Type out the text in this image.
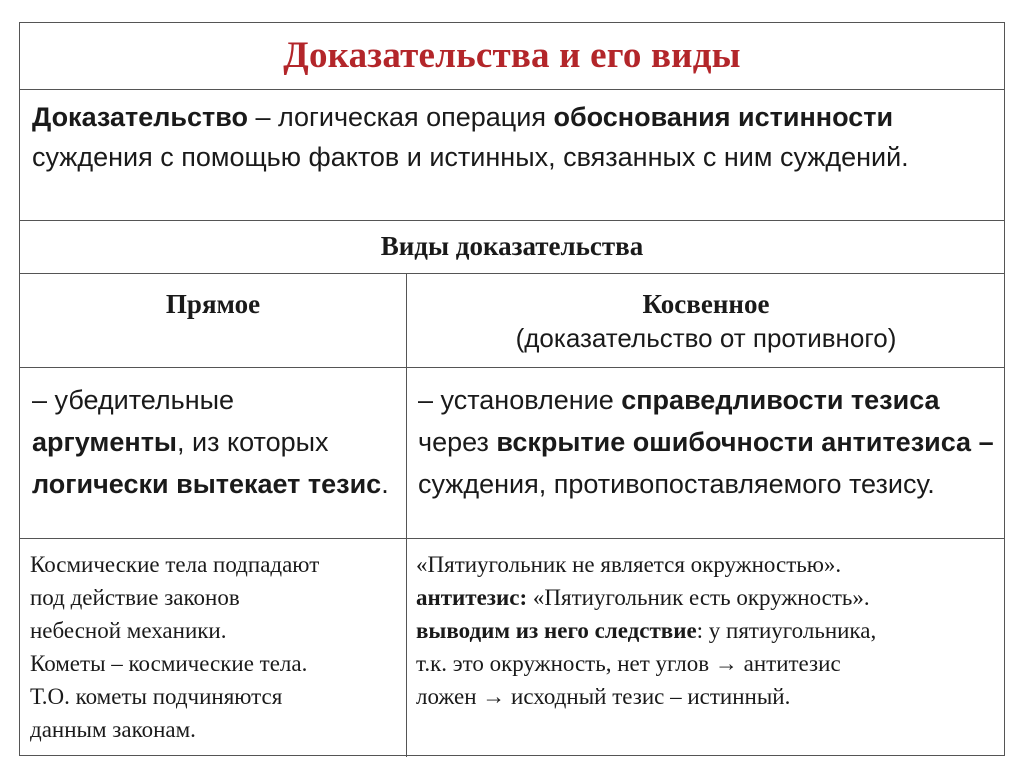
Доказательства и его виды
Доказательство – логическая операция обоснования истинности суждения с помощью фактов и истинных, связанных с ним суждений.
Виды доказательства
Прямое	Косвенное
(доказательство от противного)
– убедительные аргументы, из которых логически вытекает тезис.
– установление справедливости тезиса через вскрытие ошибочности антитезиса – суждения, противопоставляемого тезису.
Космические тела подпадают
под действие законов
небесной механики.
Кометы – космические тела.
Т.О. кометы подчиняются
данным законам.
«Пятиугольник не является окружностью».
антитезис: «Пятиугольник есть окружность».
выводим из него следствие: у пятиугольника,
т.к. это окружность, нет углов → антитезис
ложен → исходный тезис – истинный.
